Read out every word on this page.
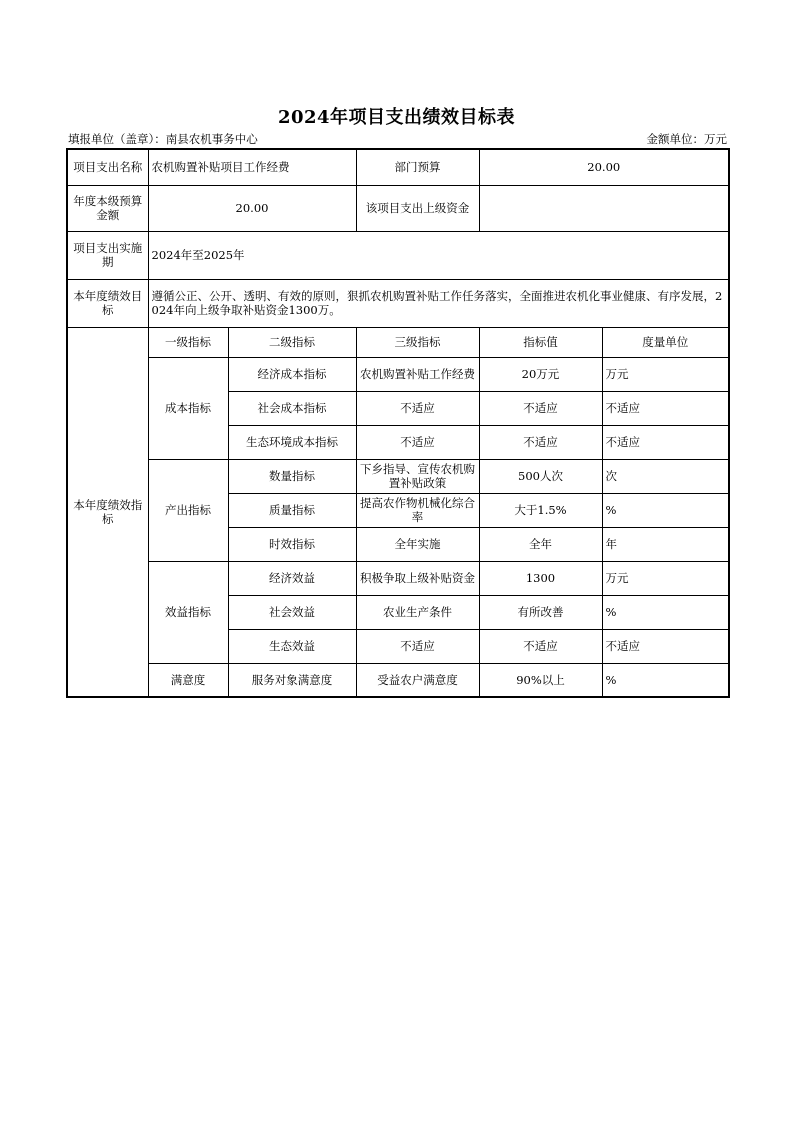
2024年项目支出绩效目标表
填报单位（盖章）：南县农机事务中心	金额单位：万元
项目支出名称	农机购置补贴项目工作经费		部门预算	20.00	
年度本级预算金额	20.00		该项目支出上级资金		
项目支出实施期	2024年至2025年				
本年度绩效目标	遵循公正、公开、透明、有效的原则，狠抓农机购置补贴工作任务落实，全面推进农机化事业健康、有序发展，2024年向上级争取补贴资金1300万。				
本年度绩效指标	一级指标	二级指标	三级指标	指标值	度量单位
	成本指标	经济成本指标	农机购置补贴工作经费	20万元	万元
		社会成本指标	不适应	不适应	不适应
		生态环境成本指标	不适应	不适应	不适应
	产出指标	数量指标	下乡指导、宣传农机购置补贴政策	500人次	次
		质量指标	提高农作物机械化综合率	大于1.5%	%
		时效指标	全年实施	全年	年
	效益指标	经济效益	积极争取上级补贴资金	1300	万元
		社会效益	农业生产条件	有所改善	%
		生态效益	不适应	不适应	不适应
	满意度	服务对象满意度	受益农户满意度	90%以上	%
